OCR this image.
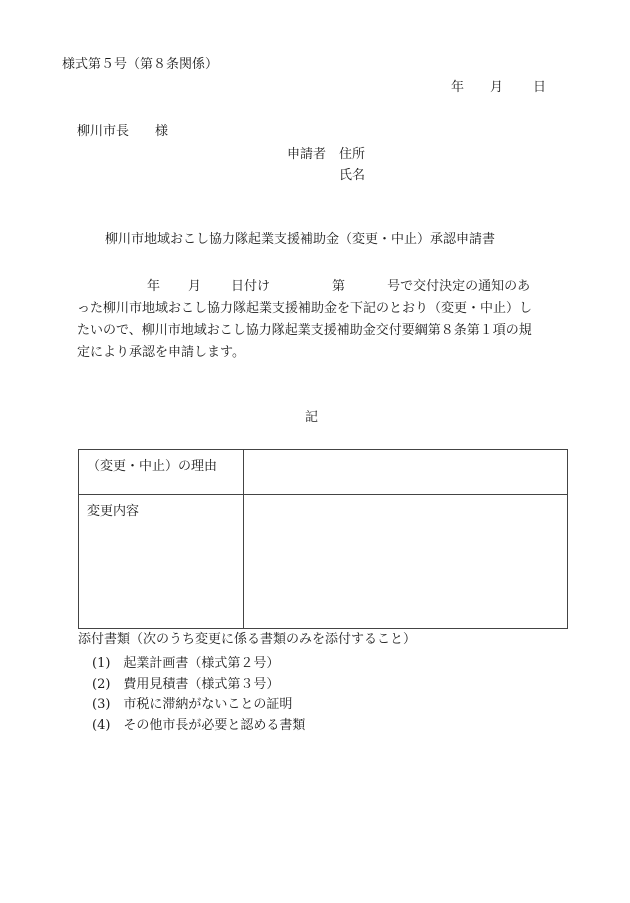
様式第５号（第８条関係）
年 月 日
柳川市長　　様
申請者　住所
氏名
柳川市地域おこし協力隊起業支援補助金（変更・中止）承認申請書
年 月 日付け	第	号で交付決定の通知のあ
った柳川市地域おこし協力隊起業支援補助金を下記のとおり（変更・中止）し
たいので、柳川市地域おこし協力隊起業支援補助金交付要綱第８条第１項の規
定により承認を申請します。
記
（変更・中止）の理由	
変更内容	
添付書類（次のうち変更に係る書類のみを添付すること）
(1)　起業計画書（様式第２号）
(2)　費用見積書（様式第３号）
(3)　市税に滞納がないことの証明
(4)　その他市長が必要と認める書類
